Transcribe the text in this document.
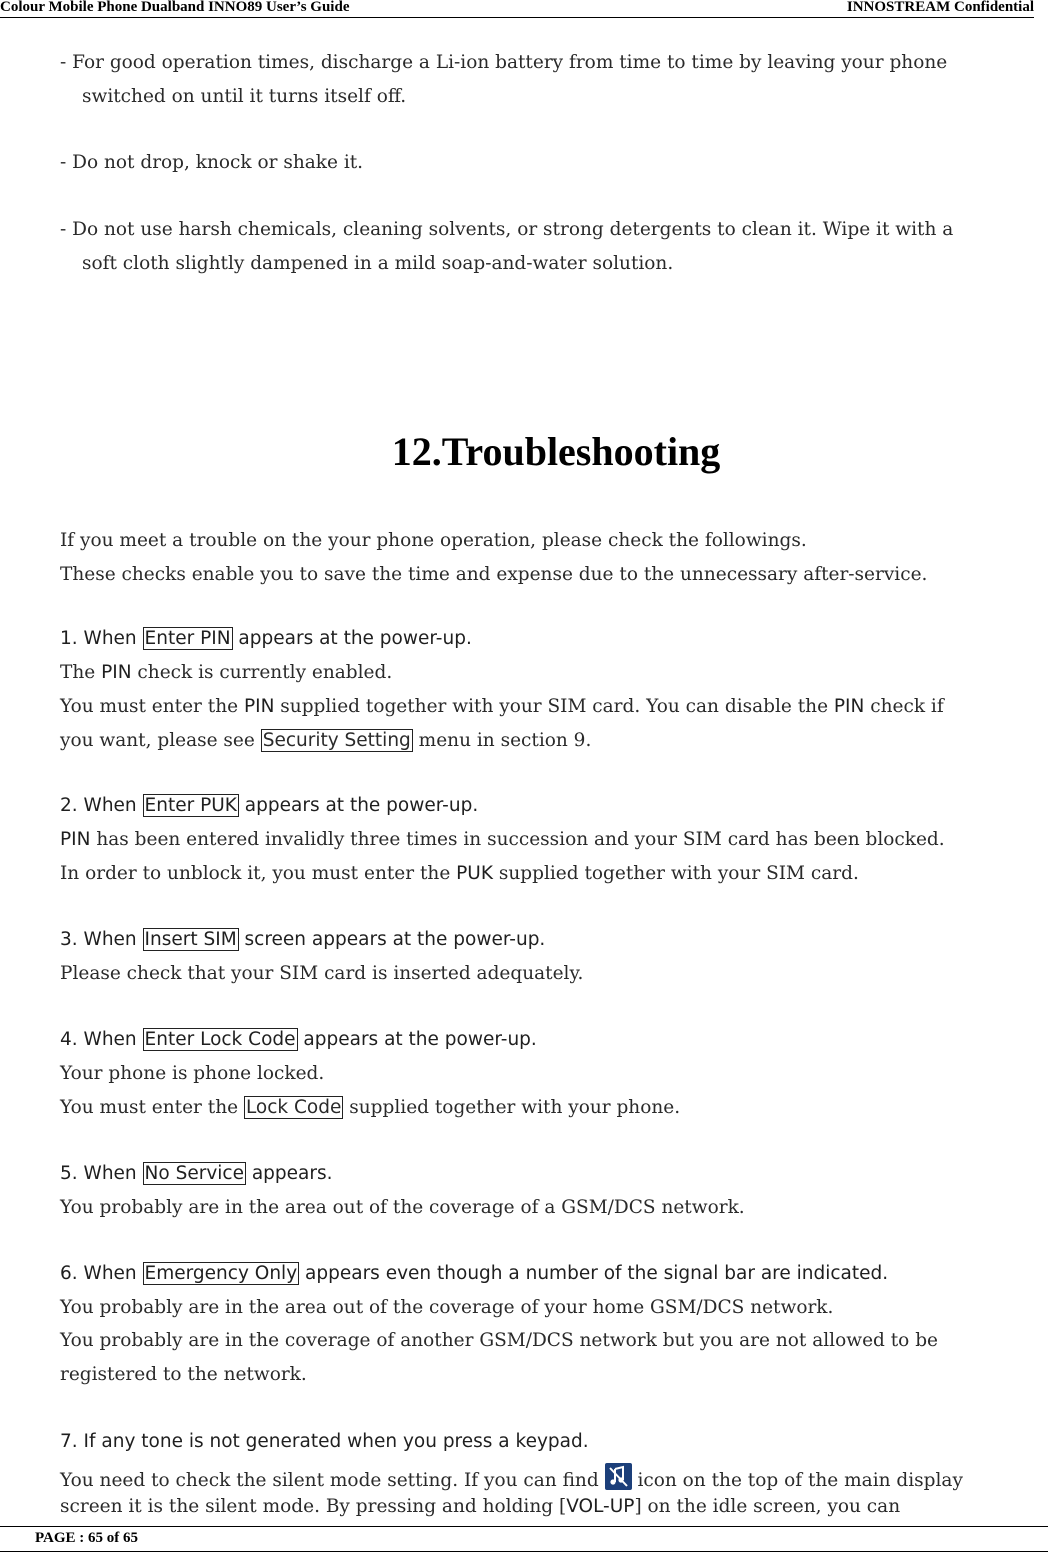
Colour Mobile Phone Dualband INNO89 User’s Guide	INNOSTREAM Confidential
- For good operation times, discharge a Li-ion battery from time to time by leaving your phone
switched on until it turns itself off.
- Do not drop, knock or shake it.
- Do not use harsh chemicals, cleaning solvents, or strong detergents to clean it. Wipe it with a
soft cloth slightly dampened in a mild soap-and-water solution.
12.Troubleshooting
If you meet a trouble on the your phone operation, please check the followings.
These checks enable you to save the time and expense due to the unnecessary after-service.
1. When Enter PIN appears at the power-up.
The PIN check is currently enabled.
You must enter the PIN supplied together with your SIM card. You can disable the PIN check if
you want, please see Security Setting menu in section 9.
2. When Enter PUK appears at the power-up.
PIN has been entered invalidly three times in succession and your SIM card has been blocked.
In order to unblock it, you must enter the PUK supplied together with your SIM card.
3. When Insert SIM screen appears at the power-up.
Please check that your SIM card is inserted adequately.
4. When Enter Lock Code appears at the power-up.
Your phone is phone locked.
You must enter the Lock Code supplied together with your phone.
5. When No Service appears.
You probably are in the area out of the coverage of a GSM/DCS network.
6. When Emergency Only appears even though a number of the signal bar are indicated.
You probably are in the area out of the coverage of your home GSM/DCS network.
You probably are in the coverage of another GSM/DCS network but you are not allowed to be
registered to the network.
7. If any tone is not generated when you press a keypad.
You need to check the silent mode setting. If you can find
icon on the top of the main display
screen it is the silent mode. By pressing and holding [VOL-UP] on the idle screen, you can
PAGE : 65 of 65
